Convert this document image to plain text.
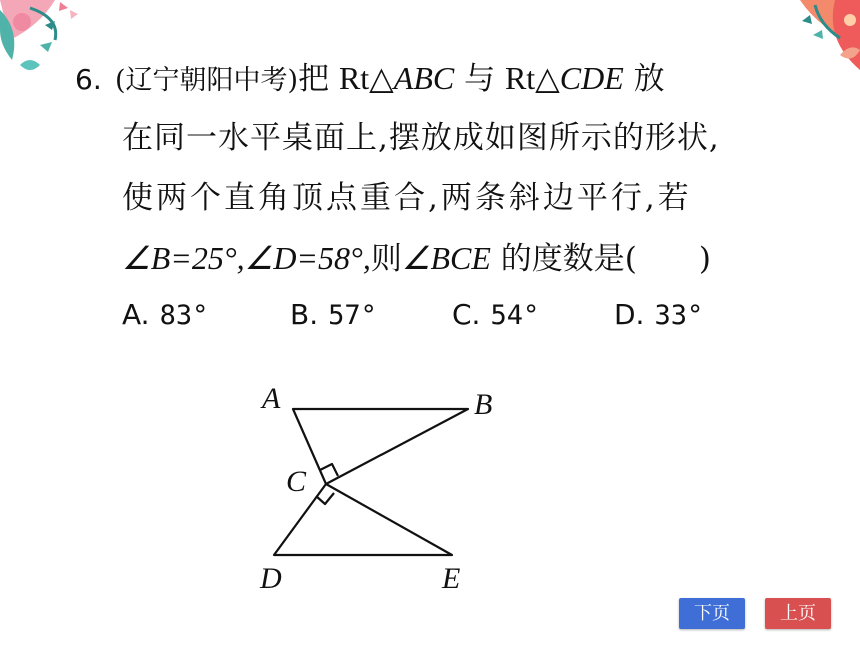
6. (辽宁朝阳中考)把 Rt△ABC 与 Rt△CDE 放
在同一水平桌面上,摆放成如图所示的形状,
使两个直角顶点重合,两条斜边平行,若
∠B=25°,∠D=58°,则∠BCE 的度数是( )
A. 83°	B. 57°	C. 54°	D. 33°
A	B
C
D	E
下页	上页
